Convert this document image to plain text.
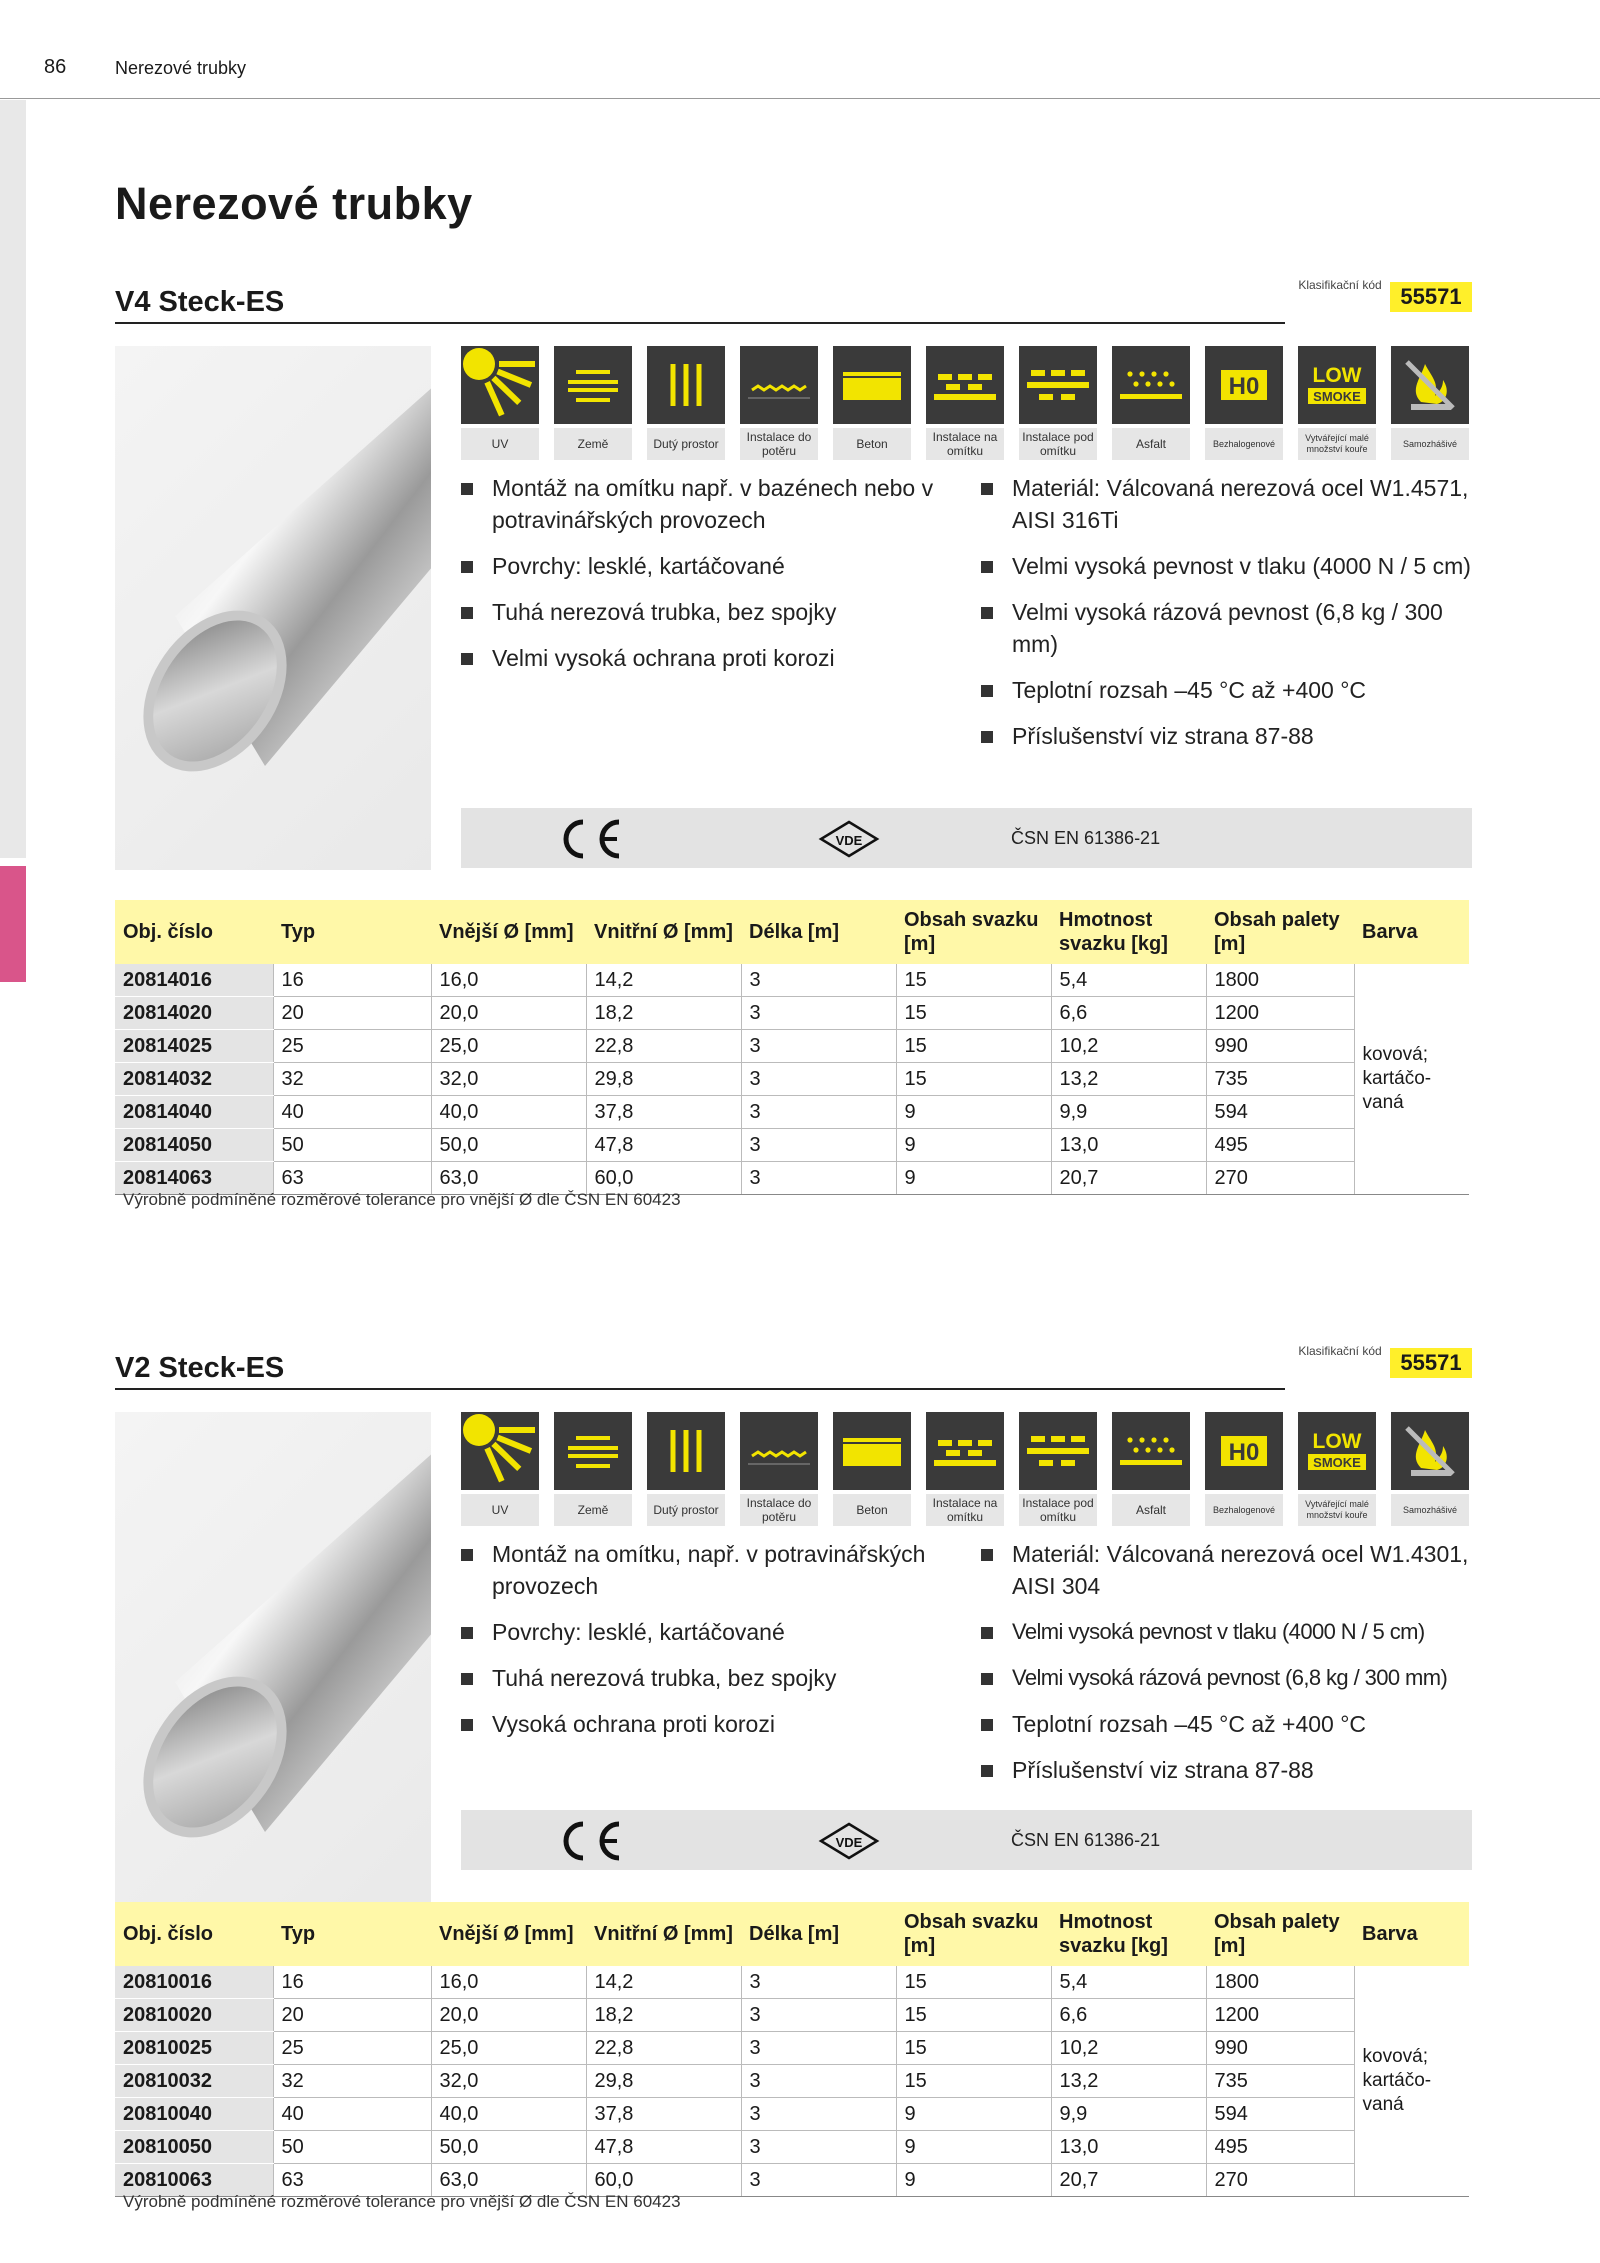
86	Nerezové trubky
Nerezové trubky
V4 Steck-ES
Klasifikační kód 55571
UV	Země	Dutý prostor	Instalace do potěru	Beton	Instalace na omítku
Instalace pod omítku	Asfalt
H0
Bezhalogenové
LOW
SMOKE
Vytvářející malé množství kouře
Samozhášivé
Montáž na omítku např. v bazénech nebo v potravinářských provozech
Povrchy: lesklé, kartáčované
Tuhá nerezová trubka, bez spojky
Velmi vysoká ochrana proti korozi
Materiál: Válcovaná nerezová ocel W1.4571, AISI 316Ti
Velmi vysoká pevnost v tlaku (4000 N / 5 cm)
Velmi vysoká rázová pevnost (6,8 kg / 300 mm)
Teplotní rozsah –45 °C až +400 °C
Příslušenství viz strana 87-88
VDE	ČSN EN 61386-21
Obj. číslo	Typ	Vnější Ø [mm]	Vnitřní Ø [mm]	Délka [m]	Obsah svazku [m]	Hmotnost svazku [kg]	Obsah palety [m]	Barva
20814016	16	16,0	14,2	3	15	5,4	1800	kovová; kartáčo-vaná
20814020	20	20,0	18,2	3	15	6,6	1200	
20814025	25	25,0	22,8	3	15	10,2	990	
20814032	32	32,0	29,8	3	15	13,2	735	
20814040	40	40,0	37,8	3	9	9,9	594	
20814050	50	50,0	47,8	3	9	13,0	495	
20814063	63	63,0	60,0	3	9	20,7	270	
Výrobně podmíněné rozměrové tolerance pro vnější Ø dle ČSN EN 60423
V2 Steck-ES
Klasifikační kód 55571
UV	Země	Dutý prostor	Instalace do potěru	Beton	Instalace na omítku
Instalace pod omítku	Asfalt
H0
Bezhalogenové
LOW
SMOKE
Vytvářející malé množství kouře
Samozhášivé
Montáž na omítku, např. v potravinářských provozech
Povrchy: lesklé, kartáčované
Tuhá nerezová trubka, bez spojky
Vysoká ochrana proti korozi
Materiál: Válcovaná nerezová ocel W1.4301, AISI 304
Velmi vysoká pevnost v tlaku (4000 N / 5 cm)
Velmi vysoká rázová pevnost (6,8 kg / 300 mm)
Teplotní rozsah –45 °C až +400 °C
Příslušenství viz strana 87-88
VDE	ČSN EN 61386-21
Obj. číslo	Typ	Vnější Ø [mm]	Vnitřní Ø [mm]	Délka [m]	Obsah svazku [m]	Hmotnost svazku [kg]	Obsah palety [m]	Barva
20810016	16	16,0	14,2	3	15	5,4	1800	kovová; kartáčo-vaná
20810020	20	20,0	18,2	3	15	6,6	1200	
20810025	25	25,0	22,8	3	15	10,2	990	
20810032	32	32,0	29,8	3	15	13,2	735	
20810040	40	40,0	37,8	3	9	9,9	594	
20810050	50	50,0	47,8	3	9	13,0	495	
20810063	63	63,0	60,0	3	9	20,7	270	
Výrobně podmíněné rozměrové tolerance pro vnější Ø dle ČSN EN 60423
